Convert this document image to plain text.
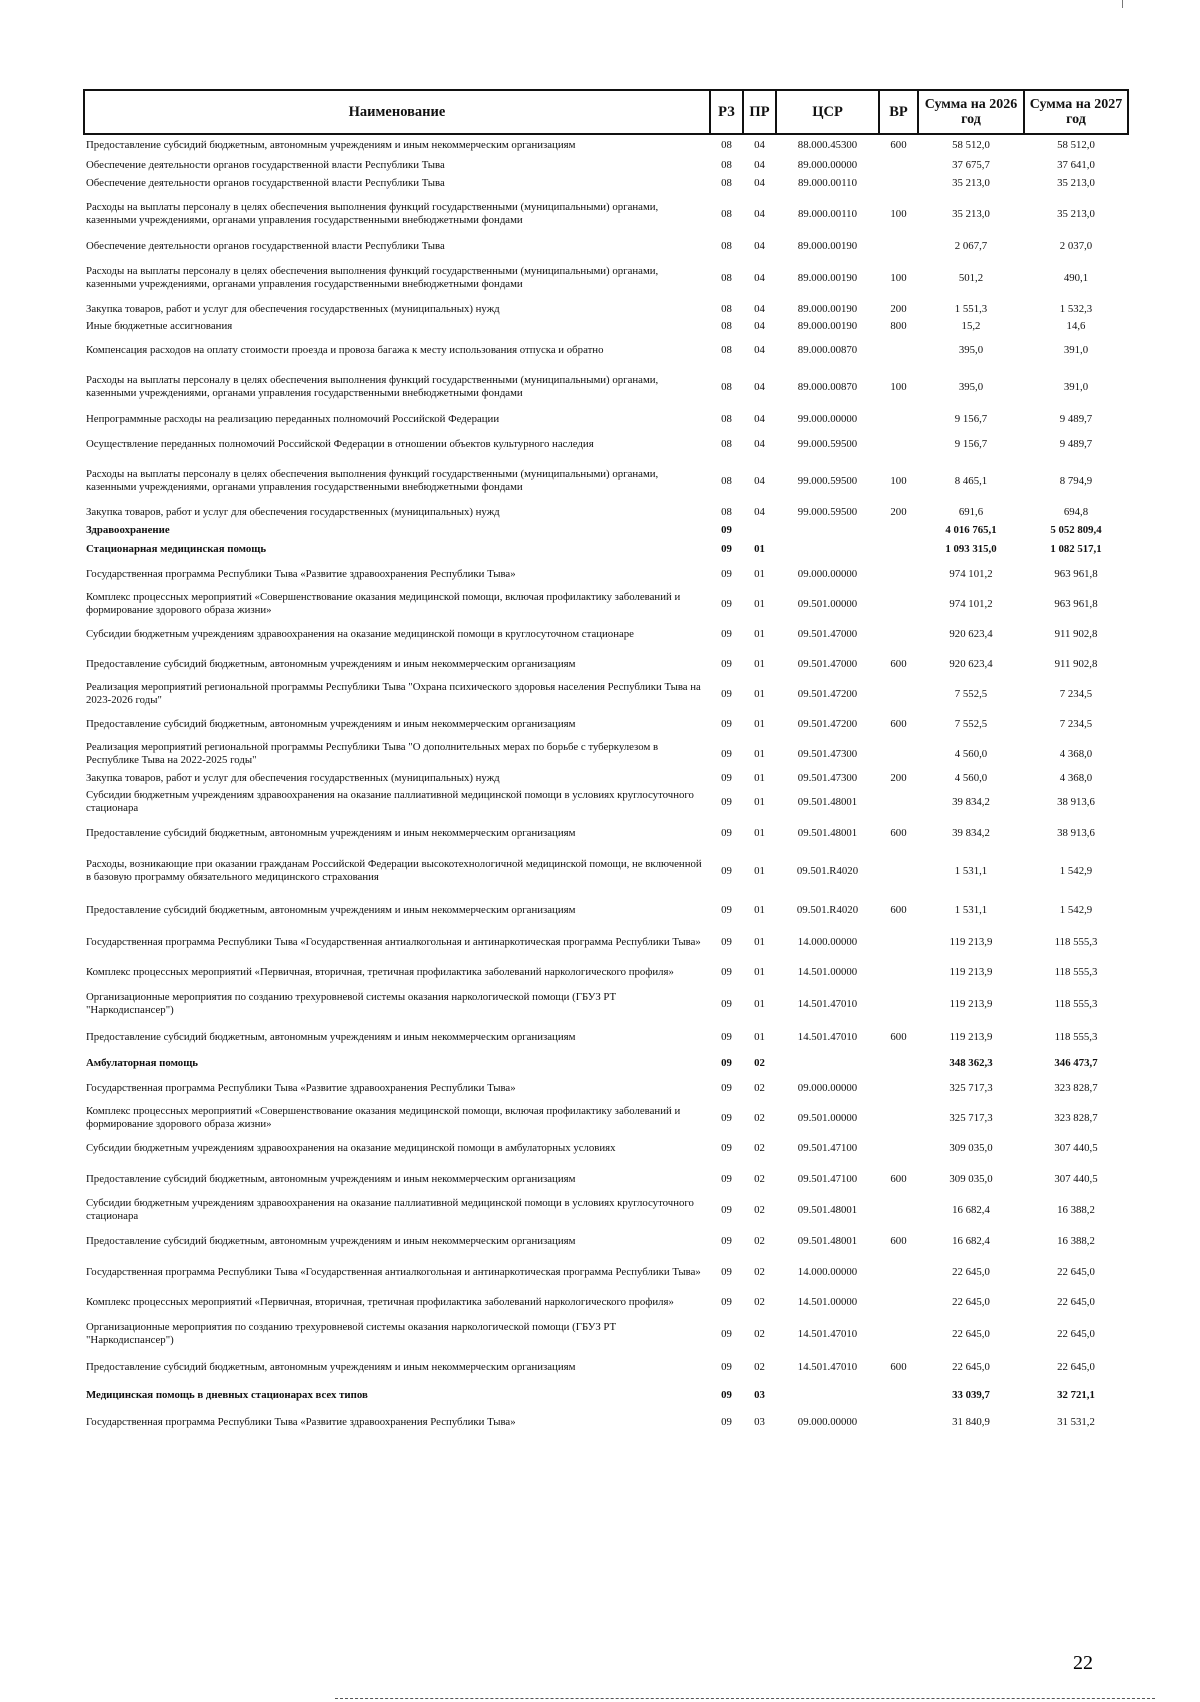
Наименование	РЗ	ПР	ЦСР	ВР	Сумма на 2026 год	Сумма на 2027 год
Предоставление субсидий бюджетным, автономным учреждениям и иным некоммерческим организациям	08	04	88.000.45300	600	58 512,0	58 512,0
Обеспечение деятельности органов государственной власти Республики Тыва	08	04	89.000.00000		37 675,7	37 641,0
Обеспечение деятельности органов государственной власти Республики Тыва	08	04	89.000.00110		35 213,0	35 213,0
Расходы на выплаты персоналу в целях обеспечения выполнения функций государственными (муниципальными) органами, казенными учреждениями, органами управления государственными внебюджетными фондами	08	04	89.000.00110	100	35 213,0	35 213,0
Обеспечение деятельности органов государственной власти Республики Тыва	08	04	89.000.00190		2 067,7	2 037,0
Расходы на выплаты персоналу в целях обеспечения выполнения функций государственными (муниципальными) органами, казенными учреждениями, органами управления государственными внебюджетными фондами	08	04	89.000.00190	100	501,2	490,1
Закупка товаров, работ и услуг для обеспечения государственных (муниципальных) нужд	08	04	89.000.00190	200	1 551,3	1 532,3
Иные бюджетные ассигнования	08	04	89.000.00190	800	15,2	14,6
Компенсация расходов на оплату стоимости проезда и провоза багажа к месту использования отпуска и обратно	08	04	89.000.00870		395,0	391,0
Расходы на выплаты персоналу в целях обеспечения выполнения функций государственными (муниципальными) органами, казенными учреждениями, органами управления государственными внебюджетными фондами	08	04	89.000.00870	100	395,0	391,0
Непрограммные расходы на реализацию переданных полномочий Российской Федерации	08	04	99.000.00000		9 156,7	9 489,7
Осуществление переданных полномочий Российской Федерации в отношении объектов культурного наследия	08	04	99.000.59500		9 156,7	9 489,7
Расходы на выплаты персоналу в целях обеспечения выполнения функций государственными (муниципальными) органами, казенными учреждениями, органами управления государственными внебюджетными фондами	08	04	99.000.59500	100	8 465,1	8 794,9
Закупка товаров, работ и услуг для обеспечения государственных (муниципальных) нужд	08	04	99.000.59500	200	691,6	694,8
Здравоохранение	09				4 016 765,1	5 052 809,4
Стационарная медицинская помощь	09	01			1 093 315,0	1 082 517,1
Государственная программа Республики Тыва «Развитие здравоохранения Республики Тыва»	09	01	09.000.00000		974 101,2	963 961,8
Комплекс процессных мероприятий «Совершенствование оказания медицинской помощи, включая профилактику заболеваний и формирование здорового образа жизни»	09	01	09.501.00000		974 101,2	963 961,8
Субсидии бюджетным учреждениям здравоохранения на оказание медицинской помощи в круглосуточном стационаре	09	01	09.501.47000		920 623,4	911 902,8
Предоставление субсидий бюджетным, автономным учреждениям и иным некоммерческим организациям	09	01	09.501.47000	600	920 623,4	911 902,8
Реализация мероприятий региональной программы Республики Тыва "Охрана психического здоровья населения Республики Тыва на 2023-2026 годы"	09	01	09.501.47200		7 552,5	7 234,5
Предоставление субсидий бюджетным, автономным учреждениям и иным некоммерческим организациям	09	01	09.501.47200	600	7 552,5	7 234,5
Реализация мероприятий региональной программы Республики Тыва "О дополнительных мерах по борьбе с туберкулезом в Республике Тыва на 2022-2025 годы"	09	01	09.501.47300		4 560,0	4 368,0
Закупка товаров, работ и услуг для обеспечения государственных (муниципальных) нужд	09	01	09.501.47300	200	4 560,0	4 368,0
Субсидии бюджетным учреждениям здравоохранения на оказание паллиативной медицинской помощи в условиях круглосуточного стационара	09	01	09.501.48001		39 834,2	38 913,6
Предоставление субсидий бюджетным, автономным учреждениям и иным некоммерческим организациям	09	01	09.501.48001	600	39 834,2	38 913,6
Расходы, возникающие при оказании гражданам Российской Федерации высокотехнологичной медицинской помощи, не включенной в базовую программу обязательного медицинского страхования	09	01	09.501.R4020		1 531,1	1 542,9
Предоставление субсидий бюджетным, автономным учреждениям и иным некоммерческим организациям	09	01	09.501.R4020	600	1 531,1	1 542,9
Государственная программа Республики Тыва «Государственная антиалкогольная и антинаркотическая программа Республики Тыва»	09	01	14.000.00000		119 213,9	118 555,3
Комплекс процессных мероприятий «Первичная, вторичная, третичная профилактика заболеваний наркологического профиля»	09	01	14.501.00000		119 213,9	118 555,3
Организационные мероприятия по созданию трехуровневой системы оказания наркологической помощи (ГБУЗ РТ "Наркодиспансер")	09	01	14.501.47010		119 213,9	118 555,3
Предоставление субсидий бюджетным, автономным учреждениям и иным некоммерческим организациям	09	01	14.501.47010	600	119 213,9	118 555,3
Амбулаторная помощь	09	02			348 362,3	346 473,7
Государственная программа Республики Тыва «Развитие здравоохранения Республики Тыва»	09	02	09.000.00000		325 717,3	323 828,7
Комплекс процессных мероприятий «Совершенствование оказания медицинской помощи, включая профилактику заболеваний и формирование здорового образа жизни»	09	02	09.501.00000		325 717,3	323 828,7
Субсидии бюджетным учреждениям здравоохранения на оказание медицинской помощи в амбулаторных условиях	09	02	09.501.47100		309 035,0	307 440,5
Предоставление субсидий бюджетным, автономным учреждениям и иным некоммерческим организациям	09	02	09.501.47100	600	309 035,0	307 440,5
Субсидии бюджетным учреждениям здравоохранения на оказание паллиативной медицинской помощи в условиях круглосуточного стационара	09	02	09.501.48001		16 682,4	16 388,2
Предоставление субсидий бюджетным, автономным учреждениям и иным некоммерческим организациям	09	02	09.501.48001	600	16 682,4	16 388,2
Государственная программа Республики Тыва «Государственная антиалкогольная и антинаркотическая программа Республики Тыва»	09	02	14.000.00000		22 645,0	22 645,0
Комплекс процессных мероприятий «Первичная, вторичная, третичная профилактика заболеваний наркологического профиля»	09	02	14.501.00000		22 645,0	22 645,0
Организационные мероприятия по созданию трехуровневой системы оказания наркологической помощи (ГБУЗ РТ "Наркодиспансер")	09	02	14.501.47010		22 645,0	22 645,0
Предоставление субсидий бюджетным, автономным учреждениям и иным некоммерческим организациям	09	02	14.501.47010	600	22 645,0	22 645,0
Медицинская помощь в дневных стационарах всех типов	09	03			33 039,7	32 721,1
Государственная программа Республики Тыва «Развитие здравоохранения Республики Тыва»	09	03	09.000.00000		31 840,9	31 531,2
22
